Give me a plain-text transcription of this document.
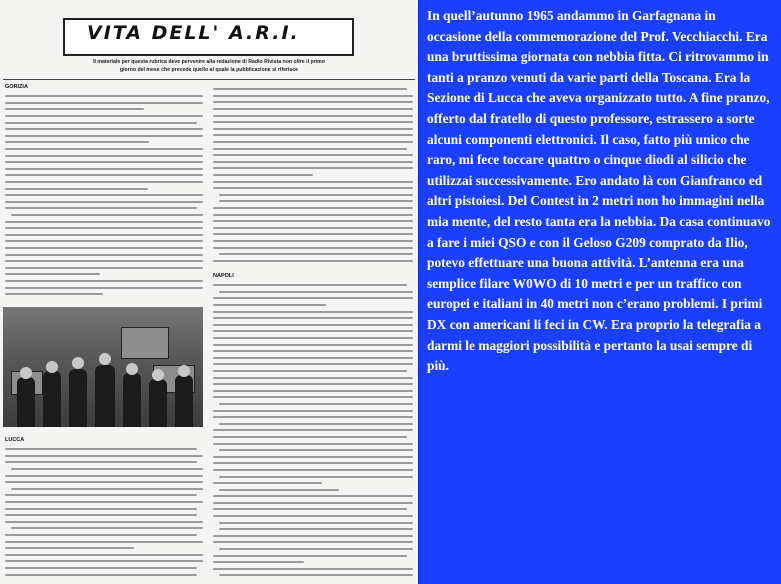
VITA DELL' A.R.I.
Il materiale per questa rubrica deve pervenire alla redazione di Radio Rivista non oltre il primo
giorno del mese che precede quello al quale la pubblicazione si riferisce
GORIZIA
NAPOLI
LUCCA

In quell’autunno 1965 andammo in Garfagnana in occasione della commemorazione del Prof. Vecchiacchi. Era una bruttissima giornata con nebbia fitta. Ci ritrovammo in tanti a pranzo venuti da varie parti della Toscana. Era la Sezione di Lucca che aveva organizzato tutto. A fine pranzo, offerto dal fratello di questo professore, estrassero a sorte alcuni componenti elettronici. Il caso, fatto più unico che raro, mi fece toccare quattro o cinque diodi al silicio che utilizzai successivamente. Ero andato là con Gianfranco ed altri pistoiesi. Del Contest in 2 metri non ho immagini nella mia mente, del resto tanta era la nebbia. Da casa continuavo a fare i miei QSO e con il Geloso G209 comprato da Ilio, potevo effettuare una buona attività. L’antenna era una semplice filare W0WO di 10 metri e per un traffico con europei e italiani in 40 metri non c’erano problemi. I primi DX con americani li feci in CW. Era proprio la telegrafia a darmi le maggiori possibilità e pertanto la usai sempre di più.
